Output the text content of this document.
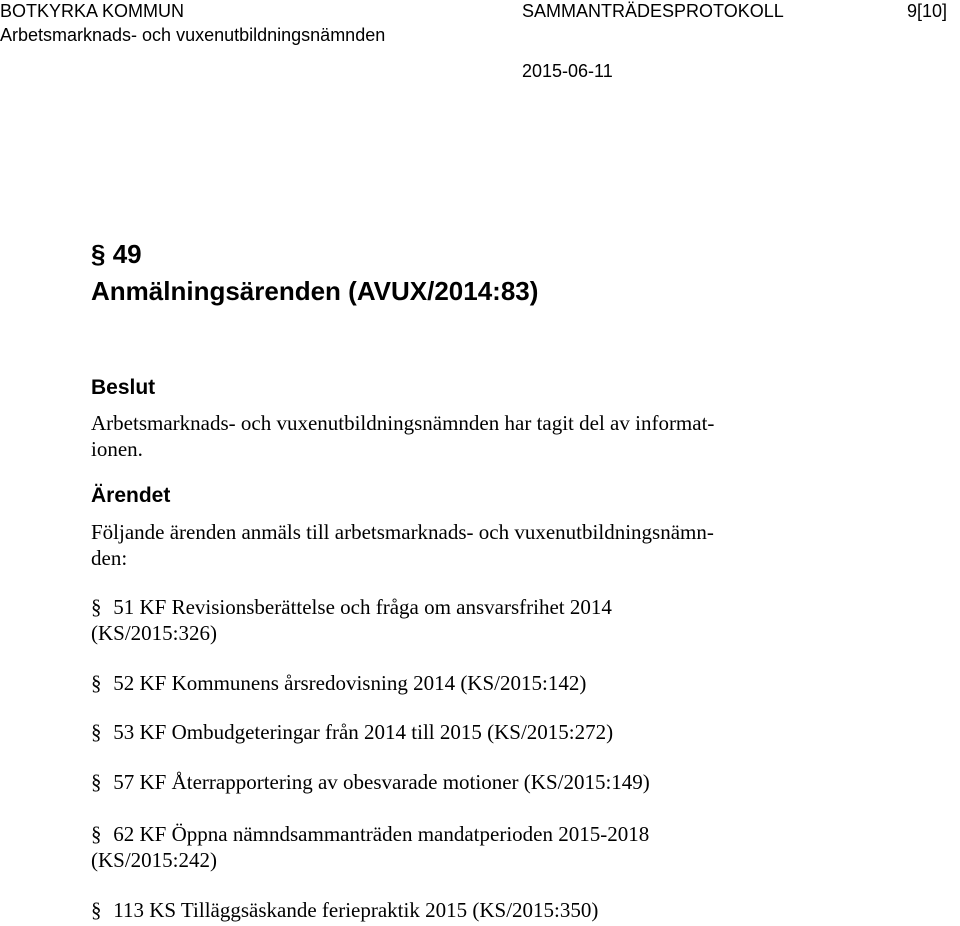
BOTKYRKA KOMMUN	SAMMANTRÄDESPROTOKOLL	9[10]
Arbetsmarknads- och vuxenutbildningsnämnden
2015-06-11
§ 49
Anmälningsärenden (AVUX/2014:83)
Beslut
Arbetsmarknads- och vuxenutbildningsnämnden har tagit del av informat-
ionen.
Ärendet
Följande ärenden anmäls till arbetsmarknads- och vuxenutbildningsnämn-
den:
§ 51 KF Revisionsberättelse och fråga om ansvarsfrihet 2014
(KS/2015:326)
§ 52 KF Kommunens årsredovisning 2014 (KS/2015:142)
§ 53 KF Ombudgeteringar från 2014 till 2015 (KS/2015:272)
§ 57 KF Återrapportering av obesvarade motioner (KS/2015:149)
§ 62 KF Öppna nämndsammanträden mandatperioden 2015-2018
(KS/2015:242)
§ 113 KS Tilläggsäskande feriepraktik 2015 (KS/2015:350)
